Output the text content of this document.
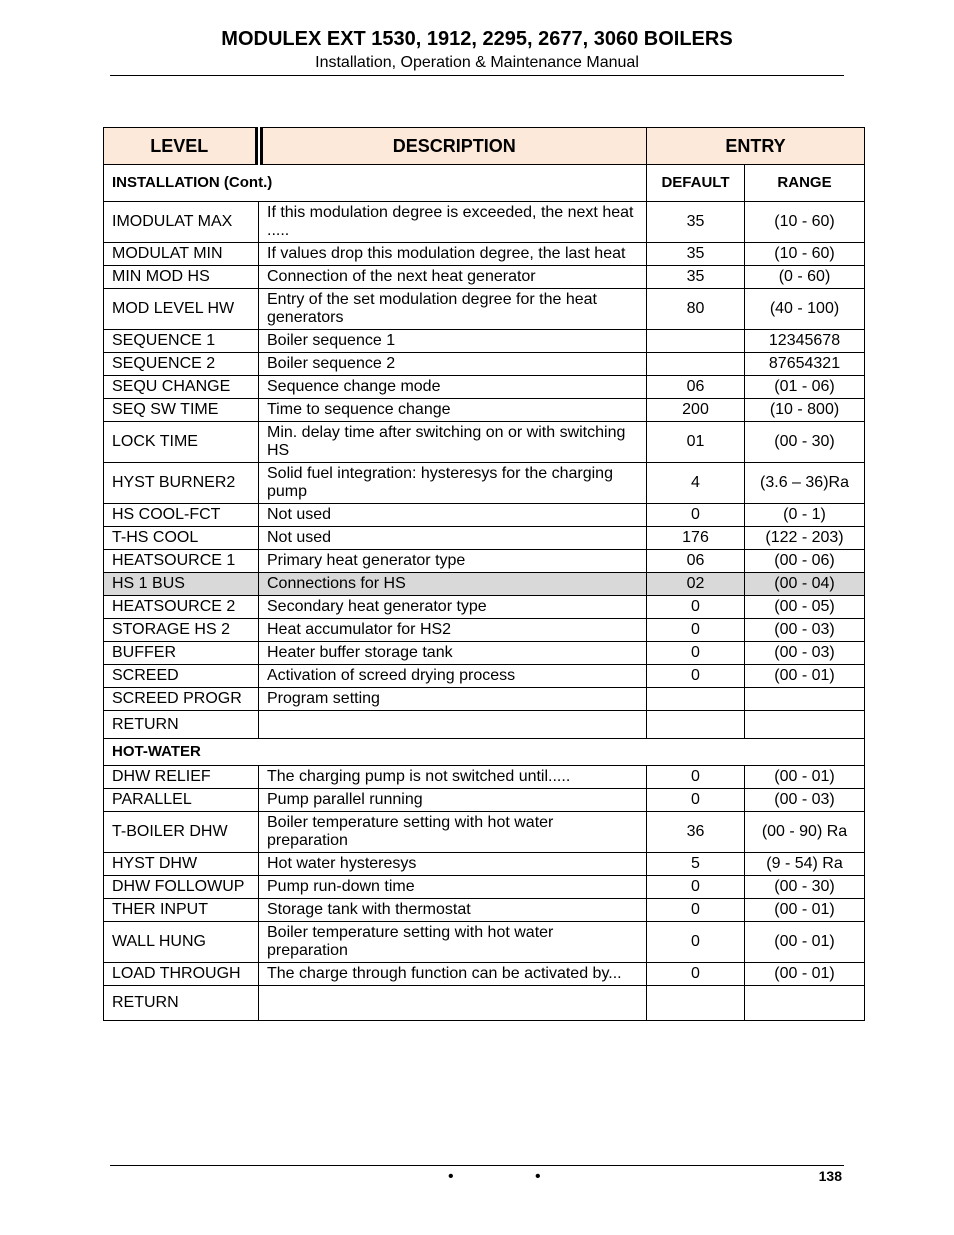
MODULEX EXT 1530, 1912, 2295, 2677, 3060 BOILERS
Installation, Operation & Maintenance Manual
LEVEL	DESCRIPTION	ENTRY	
INSTALLATION (Cont.)		DEFAULT	RANGE
IMODULAT MAX	If this modulation degree is exceeded, the next heat .....	35	(10 - 60)
MODULAT MIN	If values drop this modulation degree, the last heat	35	(10 - 60)
MIN MOD HS	Connection of the next heat generator	35	(0 - 60)
MOD LEVEL HW	Entry of the set modulation degree for the heat generators	80	(40 - 100)
SEQUENCE 1	Boiler sequence 1		12345678
SEQUENCE 2	Boiler sequence 2		87654321
SEQU CHANGE	Sequence change mode	06	(01 - 06)
SEQ SW TIME	Time to sequence change	200	(10 - 800)
LOCK TIME	Min. delay time after switching on or with switching HS	01	(00 - 30)
HYST BURNER2	Solid fuel integration: hysteresys for the charging pump	4	(3.6 – 36)Ra
HS COOL-FCT	Not used	0	(0 - 1)
T-HS COOL	Not used	176	(122 - 203)
HEATSOURCE 1	Primary heat generator type	06	(00 - 06)
HS 1 BUS	Connections for HS	02	(00 - 04)
HEATSOURCE 2	Secondary heat generator type	0	(00 - 05)
STORAGE HS 2	Heat accumulator for HS2	0	(00 - 03)
BUFFER	Heater buffer storage tank	0	(00 - 03)
SCREED	Activation of screed drying process	0	(00 - 01)
SCREED PROGR	Program setting		
RETURN			
HOT-WATER			
DHW RELIEF	The charging pump is not switched until.....	0	(00 - 01)
PARALLEL	Pump parallel running	0	(00 - 03)
T-BOILER DHW	Boiler temperature setting with hot water preparation	36	(00 - 90) Ra
HYST DHW	Hot water hysteresys	5	(9 - 54) Ra
DHW FOLLOWUP	Pump run-down time	0	(00 - 30)
THER INPUT	Storage tank with thermostat	0	(00 - 01)
WALL HUNG	Boiler temperature setting with hot water preparation	0	(00 - 01)
LOAD THROUGH	The charge through function can be activated by...	0	(00 - 01)
RETURN			
•	•	138
